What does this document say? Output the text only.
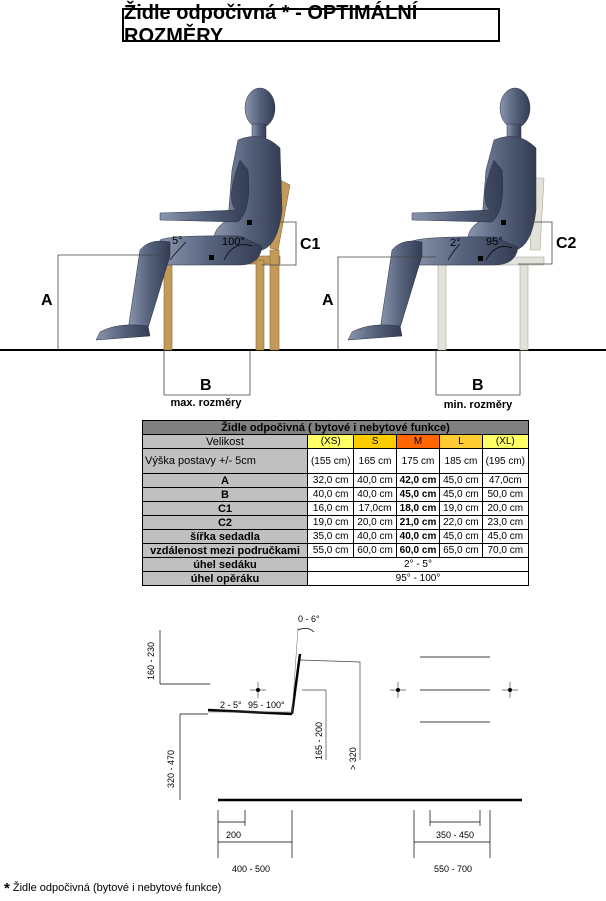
Židle odpočivná * - OPTIMÁLNÍ ROZMĚRY
A
B
C1
5°	100°
max. rozměry
A
B
C2
2° 95°
min. rozměry
Židle odpočivná ( bytové i nebytové funkce)					
Velikost	(XS)	S	M	L	(XL)
Výška postavy +/- 5cm	(155 cm)	165 cm	175 cm	185 cm	(195 cm)
A	32,0 cm	40,0 cm	42,0 cm	45,0 cm	47,0cm
B	40,0 cm	40,0 cm	45,0 cm	45,0 cm	50,0 cm
C1	16,0 cm	17,0cm	18,0 cm	19,0 cm	20,0 cm
C2	19,0 cm	20,0 cm	21,0 cm	22,0 cm	23,0 cm
šířka sedadla	35,0 cm	40,0 cm	40,0 cm	45,0 cm	45,0 cm
vzdálenost mezi područkami	55,0 cm	60,0 cm	60,0 cm	65,0 cm	70,0 cm
úhel sedáku	2° - 5°				
úhel opěráku	95° - 100°				
0 - 6°
160 - 230
2 - 5° 95 - 100°
320 - 470
165 - 200	> 320
200
400 - 500
350 - 450
550 - 700
* Židle odpočivná (bytové i nebytové funkce)
